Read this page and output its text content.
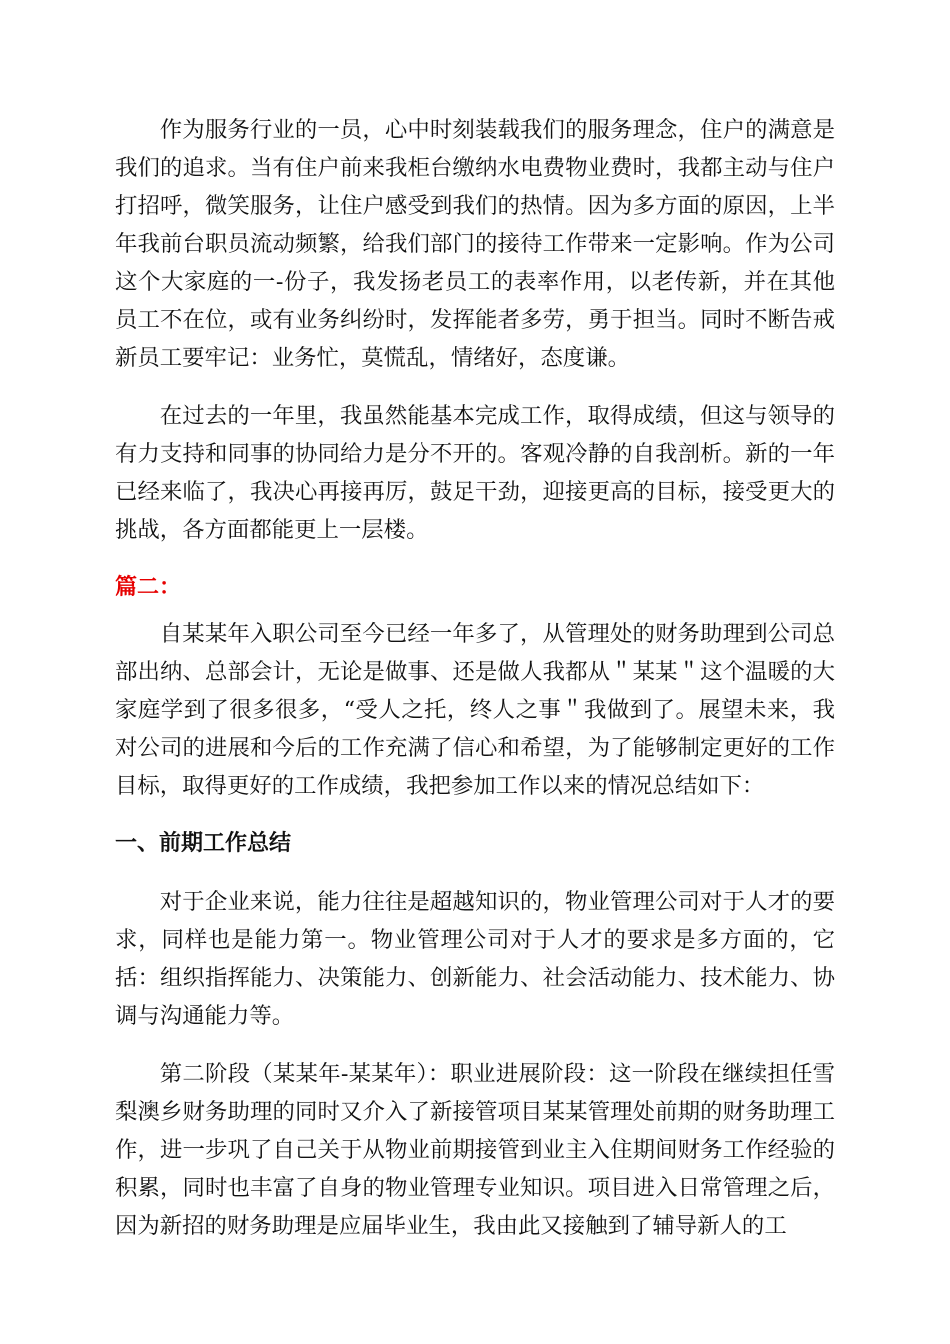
作为服务行业的一员，心中时刻装载我们的服务理念，住户的满意是我们的追求。当有住户前来我柜台缴纳水电费物业费时，我都主动与住户打招呼，微笑服务，让住户感受到我们的热情。因为多方面的原因，上半年我前台职员流动频繁，给我们部门的接待工作带来一定影响。作为公司这个大家庭的一-份子，我发扬老员工的表率作用，以老传新，并在其他员工不在位，或有业务纠纷时，发挥能者多劳，勇于担当。同时不断告戒新员工要牢记：业务忙，莫慌乱，情绪好，态度谦。

在过去的一年里，我虽然能基本完成工作，取得成绩，但这与领导的有力支持和同事的协同给力是分不开的。客观冷静的自我剖析。新的一年已经来临了，我决心再接再厉，鼓足干劲，迎接更高的目标，接受更大的挑战，各方面都能更上一层楼。

篇二：

自某某年入职公司至今已经一年多了，从管理处的财务助理到公司总部出纳、总部会计，无论是做事、还是做人我都从＂某某＂这个温暖的大家庭学到了很多很多，“受人之托，终人之事＂我做到了。展望未来，我对公司的进展和今后的工作充满了信心和希望，为了能够制定更好的工作目标，取得更好的工作成绩，我把参加工作以来的情况总结如下：

一、前期工作总结

对于企业来说，能力往往是超越知识的，物业管理公司对于人才的要求，同样也是能力第一。物业管理公司对于人才的要求是多方面的，它括：组织指挥能力、决策能力、创新能力、社会活动能力、技术能力、协调与沟通能力等。

第二阶段（某某年-某某年）：职业进展阶段：这一阶段在继续担任雪梨澳乡财务助理的同时又介入了新接管项目某某管理处前期的财务助理工作，进一步巩了自己关于从物业前期接管到业主入住期间财务工作经验的积累，同时也丰富了自身的物业管理专业知识。项目进入日常管理之后，因为新招的财务助理是应届毕业生，我由此又接触到了辅导新人的工
